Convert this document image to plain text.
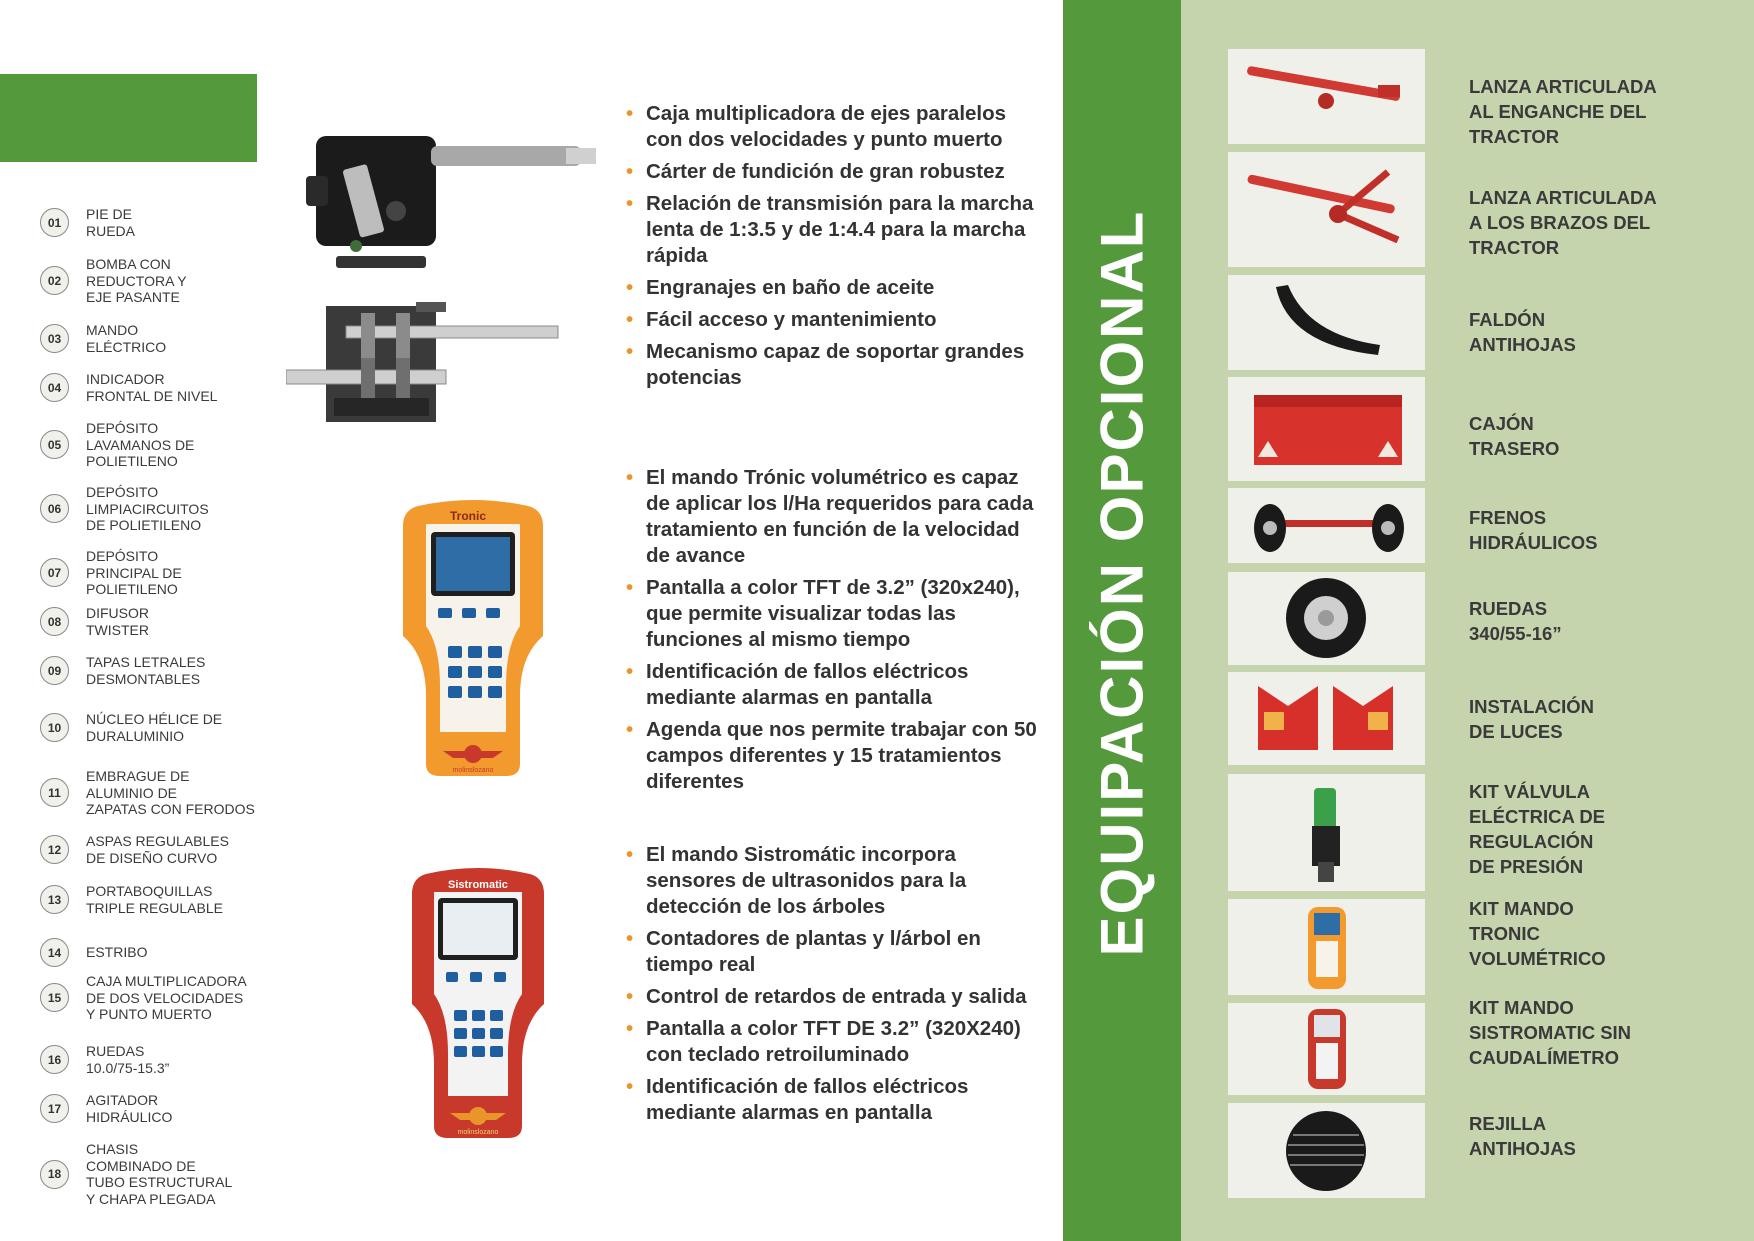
01
PIE DE
RUEDA
02
BOMBA CON
REDUCTORA Y
EJE PASANTE
03
MANDO
ELÉCTRICO
04
INDICADOR
FRONTAL DE NIVEL
05
DEPÓSITO
LAVAMANOS DE
POLIETILENO
06
DEPÓSITO
LIMPIACIRCUITOS
DE POLIETILENO
07
DEPÓSITO
PRINCIPAL DE
POLIETILENO
08
DIFUSOR
TWISTER
09
TAPAS LETRALES
DESMONTABLES
10
NÚCLEO HÉLICE DE
DURALUMINIO
11
EMBRAGUE DE
ALUMINIO DE
ZAPATAS CON FERODOS
12
ASPAS REGULABLES
DE DISEÑO CURVO
13
PORTABOQUILLAS
TRIPLE REGULABLE
14	ESTRIBO
15
CAJA MULTIPLICADORA
DE DOS VELOCIDADES
Y PUNTO MUERTO
16
RUEDAS
10.0/75-15.3”
17
AGITADOR
HIDRÁULICO
18
CHASIS
COMBINADO DE
TUBO ESTRUCTURAL
Y CHAPA PLEGADA
Tronic
molinslozano
Sistromatic
molinslozano
• Caja multiplicadora de ejes paralelos con dos velocidades y punto muerto
• Cárter de fundición de gran robustez
• Relación de transmisión para la marcha lenta de 1:3.5 y de 1:4.4 para la marcha rápida
• Engranajes en baño de aceite
• Fácil acceso y mantenimiento
• Mecanismo capaz de soportar grandes potencias
• El mando Trónic volumétrico es capaz de aplicar los l/Ha requeridos para cada tratamiento en función de la velocidad de avance
• Pantalla a color TFT de 3.2” (320x240), que permite visualizar todas las funciones al mismo tiempo
• Identificación de fallos eléctricos mediante alarmas en pantalla
• Agenda que nos permite trabajar con 50 campos diferentes y 15 tratamientos diferentes
• El mando Sistromátic incorpora sensores de ultrasonidos para la detección de los árboles
• Contadores de plantas y l/árbol en tiempo real
• Control de retardos de entrada y salida
• Pantalla a color TFT DE 3.2” (320X240) con teclado retroiluminado
• Identificación de fallos eléctricos mediante alarmas en pantalla
EQUIPACIÓN OPCIONAL
LANZA ARTICULADA
AL ENGANCHE DEL
TRACTOR
LANZA ARTICULADA
A LOS BRAZOS DEL
TRACTOR
FALDÓN
ANTIHOJAS
CAJÓN
TRASERO
FRENOS
HIDRÁULICOS
RUEDAS
340/55-16”
INSTALACIÓN
DE LUCES
KIT VÁLVULA
ELÉCTRICA DE
REGULACIÓN
DE PRESIÓN
KIT MANDO
TRONIC
VOLUMÉTRICO
KIT MANDO
SISTROMATIC SIN
CAUDALÍMETRO
REJILLA
ANTIHOJAS
